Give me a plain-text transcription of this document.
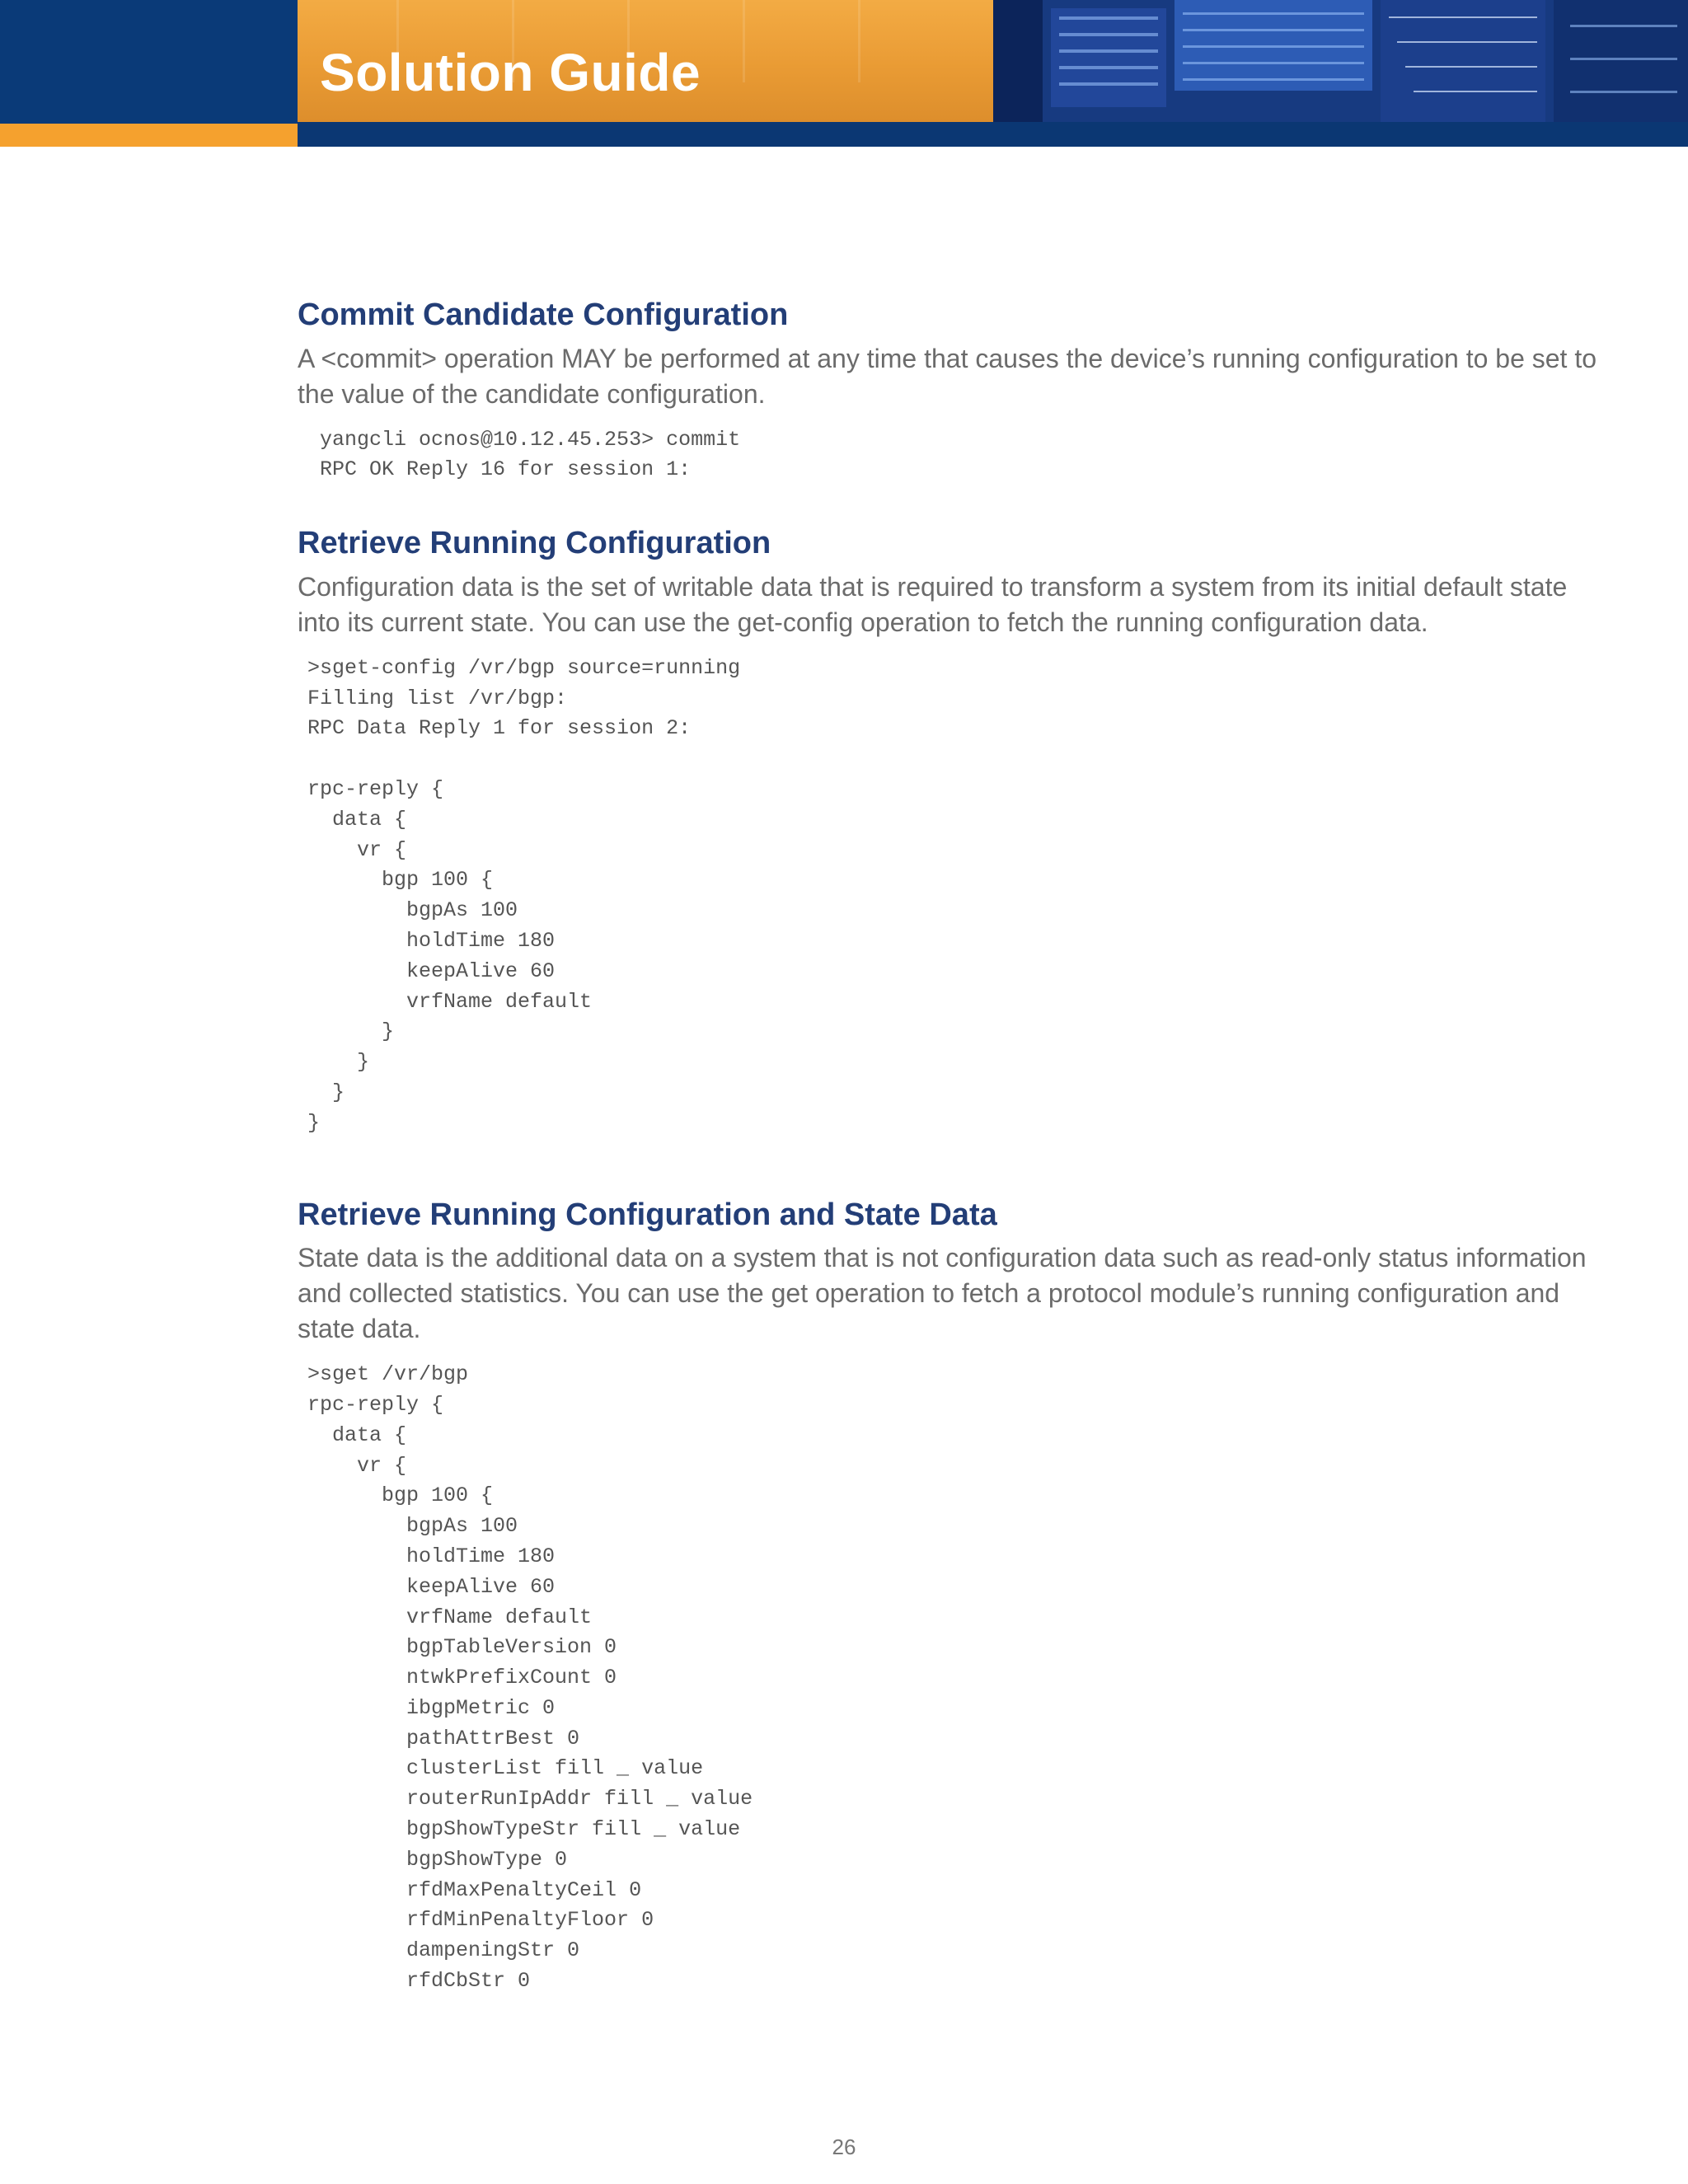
Solution Guide
Commit Candidate Configuration

A <commit> operation MAY be performed at any time that causes the device’s running configuration to be set to the value of the candidate configuration.

yangcli ocnos@10.12.45.253> commit
RPC OK Reply 16 for session 1:
Retrieve Running Configuration

Configuration data is the set of writable data that is required to transform a system from its initial default state into its current state. You can use the get-config operation to fetch the running configuration data.

>sget-config /vr/bgp source=running
Filling list /vr/bgp:
RPC Data Reply 1 for session 2:

rpc-reply {
data {
vr {
bgp 100 {
bgpAs 100
holdTime 180
keepAlive 60
vrfName default
}
}
}
}
Retrieve Running Configuration and State Data

State data is the additional data on a system that is not configuration data such as read-only status information and collected statistics. You can use the get operation to fetch a protocol module’s running configuration and state data.

>sget /vr/bgp
rpc-reply {
data {
vr {
bgp 100 {
bgpAs 100
holdTime 180
keepAlive 60
vrfName default
bgpTableVersion 0
ntwkPrefixCount 0
ibgpMetric 0
pathAttrBest 0
clusterList fill _ value
routerRunIpAddr fill _ value
bgpShowTypeStr fill _ value
bgpShowType 0
rfdMaxPenaltyCeil 0
rfdMinPenaltyFloor 0
dampeningStr 0
rfdCbStr 0
26
